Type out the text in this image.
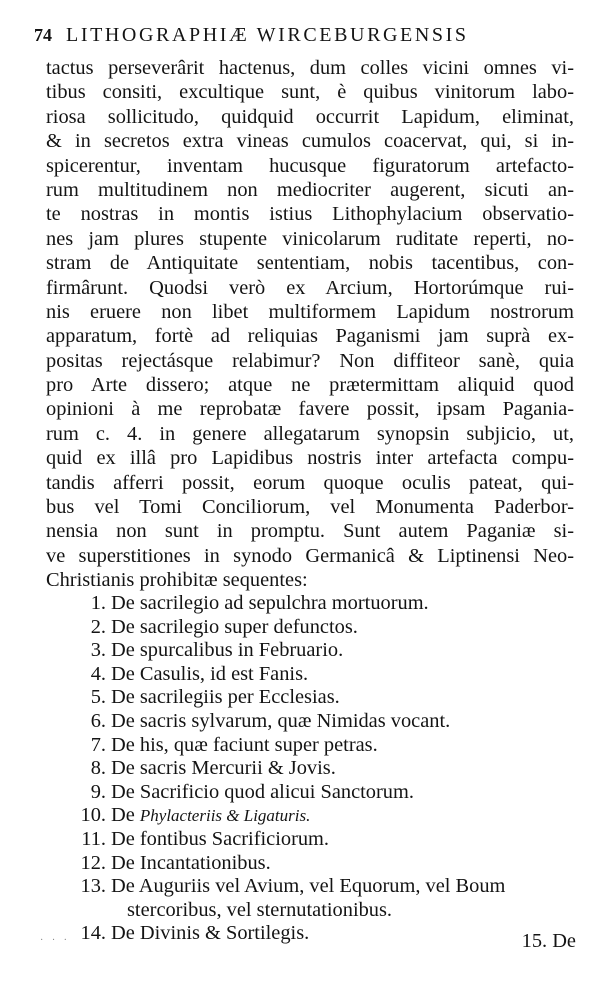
74 LITHOGRAPHIÆ WIRCEBURGENSIS
tactus perseverârit hactenus, dum colles vicini omnes vi-
tibus consiti, excultique sunt, è quibus vinitorum labo-
riosa sollicitudo, quidquid occurrit Lapidum, eliminat,
& in secretos extra vineas cumulos coacervat, qui, si in-
spicerentur, inventam hucusque figuratorum artefacto-
rum multitudinem non mediocriter augerent, sicuti an-
te nostras in montis istius Lithophylacium observatio-
nes jam plures stupente vinicolarum ruditate reperti, no-
stram de Antiquitate sententiam, nobis tacentibus, con-
firmârunt. Quodsi verò ex Arcium, Hortorúmque rui-
nis eruere non libet multiformem Lapidum nostrorum
apparatum, fortè ad reliquias Paganismi jam suprà ex-
positas rejectásque relabimur? Non diffiteor sanè, quia
pro Arte dissero; atque ne prætermittam aliquid quod
opinioni à me reprobatæ favere possit, ipsam Pagania-
rum c. 4. in genere allegatarum synopsin subjicio, ut,
quid ex illâ pro Lapidibus nostris inter artefacta compu-
tandis afferri possit, eorum quoque oculis pateat, qui-
bus vel Tomi Conciliorum, vel Monumenta Paderbor-
nensia non sunt in promptu. Sunt autem Paganiæ si-
ve superstitiones in synodo Germanicâ & Liptinensi Neo-
Christianis prohibitæ sequentes:
1. De sacrilegio ad sepulchra mortuorum.
2. De sacrilegio super defunctos.
3. De spurcalibus in Februario.
4. De Casulis, id est Fanis.
5. De sacrilegiis per Ecclesias.
6. De sacris sylvarum, quæ Nimidas vocant.
7. De his, quæ faciunt super petras.
8. De sacris Mercurii & Jovis.
9. De Sacrificio quod alicui Sanctorum.
10. De Phylacteriis & Ligaturis.
11. De fontibus Sacrificiorum.
12. De Incantationibus.
13. De Auguriis vel Avium, vel Equorum, vel Boum
stercoribus, vel sternutationibus.
14. De Divinis & Sortilegis.
· · ·	15. De
